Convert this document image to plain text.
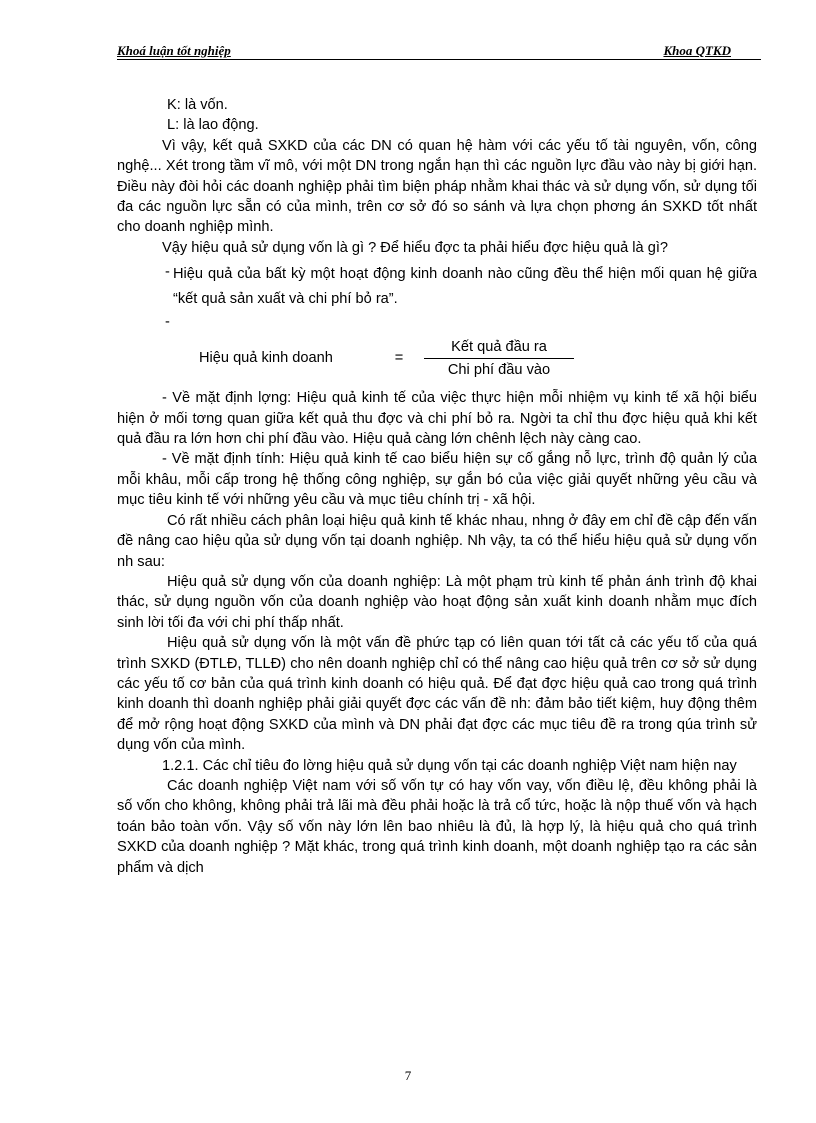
Khoá luận tốt nghiệp	Khoa QTKD

K: là vốn.

L: là lao động.

Vì vậy, kết quả SXKD của các DN có quan hệ hàm với các yếu tố tài nguyên, vốn, công nghệ... Xét trong tầm vĩ mô, với một DN trong ngắn hạn thì các nguồn lực đầu vào này bị giới hạn. Điều này đòi hỏi các doanh nghiệp phải tìm biện pháp nhằm khai thác và sử dụng vốn, sử dụng tối đa các nguồn lực sẵn có của mình, trên cơ sở đó so sánh và lựa chọn phơng án SXKD tốt nhất cho doanh nghiệp mình.

Vậy hiệu quả sử dụng vốn là gì ? Để hiểu đợc ta phải hiểu đợc hiệu quả là gì?

- Hiệu quả của bất kỳ một hoạt động kinh doanh nào cũng đều thể hiện mối quan hệ giữa “kết quả sản xuất và chi phí bỏ ra”.
-
Hiệu quả kinh doanh	=	$\frac{\text{Kết quả đầu ra}}{\text{Chi phí đầu vào}}$

- Về mặt định lợng: Hiệu quả kinh tế của việc thực hiện mỗi nhiệm vụ kinh tế xã hội biểu hiện ở mối tơng quan giữa kết quả thu đợc và chi phí bỏ ra. Ngời ta chỉ thu đợc hiệu quả khi kết quả đầu ra lớn hơn chi phí đầu vào. Hiệu quả càng lớn chênh lệch này càng cao.

- Về mặt định tính: Hiệu quả kinh tế cao biểu hiện sự cố gắng nỗ lực, trình độ quản lý của mỗi khâu, mỗi cấp trong hệ thống công nghiệp, sự gắn bó của việc giải quyết những yêu cầu và mục tiêu kinh tế với những yêu cầu và mục tiêu chính trị - xã hội.

Có rất nhiều cách phân loại hiệu quả kinh tế khác nhau, nhng ở đây em chỉ đề cập đến vấn đề nâng cao hiệu qủa sử dụng vốn tại doanh nghiệp. Nh vậy, ta có thể hiểu hiệu quả sử dụng vốn nh sau:

Hiệu quả sử dụng vốn của doanh nghiệp: Là một phạm trù kinh tế phản ánh trình độ khai thác, sử dụng nguồn vốn của doanh nghiệp vào hoạt động sản xuất kinh doanh nhằm mục đích sinh lời tối đa với chi phí thấp nhất.

Hiệu quả sử dụng vốn là một vấn đề phức tạp có liên quan tới tất cả các yếu tố của quá trình SXKD (ĐTLĐ, TLLĐ) cho nên doanh nghiệp chỉ có thể nâng cao hiệu quả trên cơ sở sử dụng các yếu tố cơ bản của quá trình kinh doanh có hiệu quả. Để đạt đợc hiệu quả cao trong quá trình kinh doanh thì doanh nghiệp phải giải quyết đợc các vấn đề nh: đảm bảo tiết kiệm, huy động thêm để mở rộng hoạt động SXKD của mình và DN phải đạt đợc các mục tiêu đề ra trong qúa trình sử dụng vốn của mình.

1.2.1. Các chỉ tiêu đo lờng hiệu quả sử dụng vốn tại các doanh nghiệp Việt nam hiện nay

Các doanh nghiệp Việt nam với số vốn tự có hay vốn vay, vốn điều lệ, đều không phải là số vốn cho không, không phải trả lãi mà đều phải hoặc là trả cổ tức, hoặc là nộp thuế vốn và hạch toán bảo toàn vốn. Vậy số vốn này lớn lên bao nhiêu là đủ, là hợp lý, là hiệu quả cho quá trình SXKD của doanh nghiệp ? Mặt khác, trong quá trình kinh doanh, một doanh nghiệp tạo ra các sản phẩm và dịch

7
